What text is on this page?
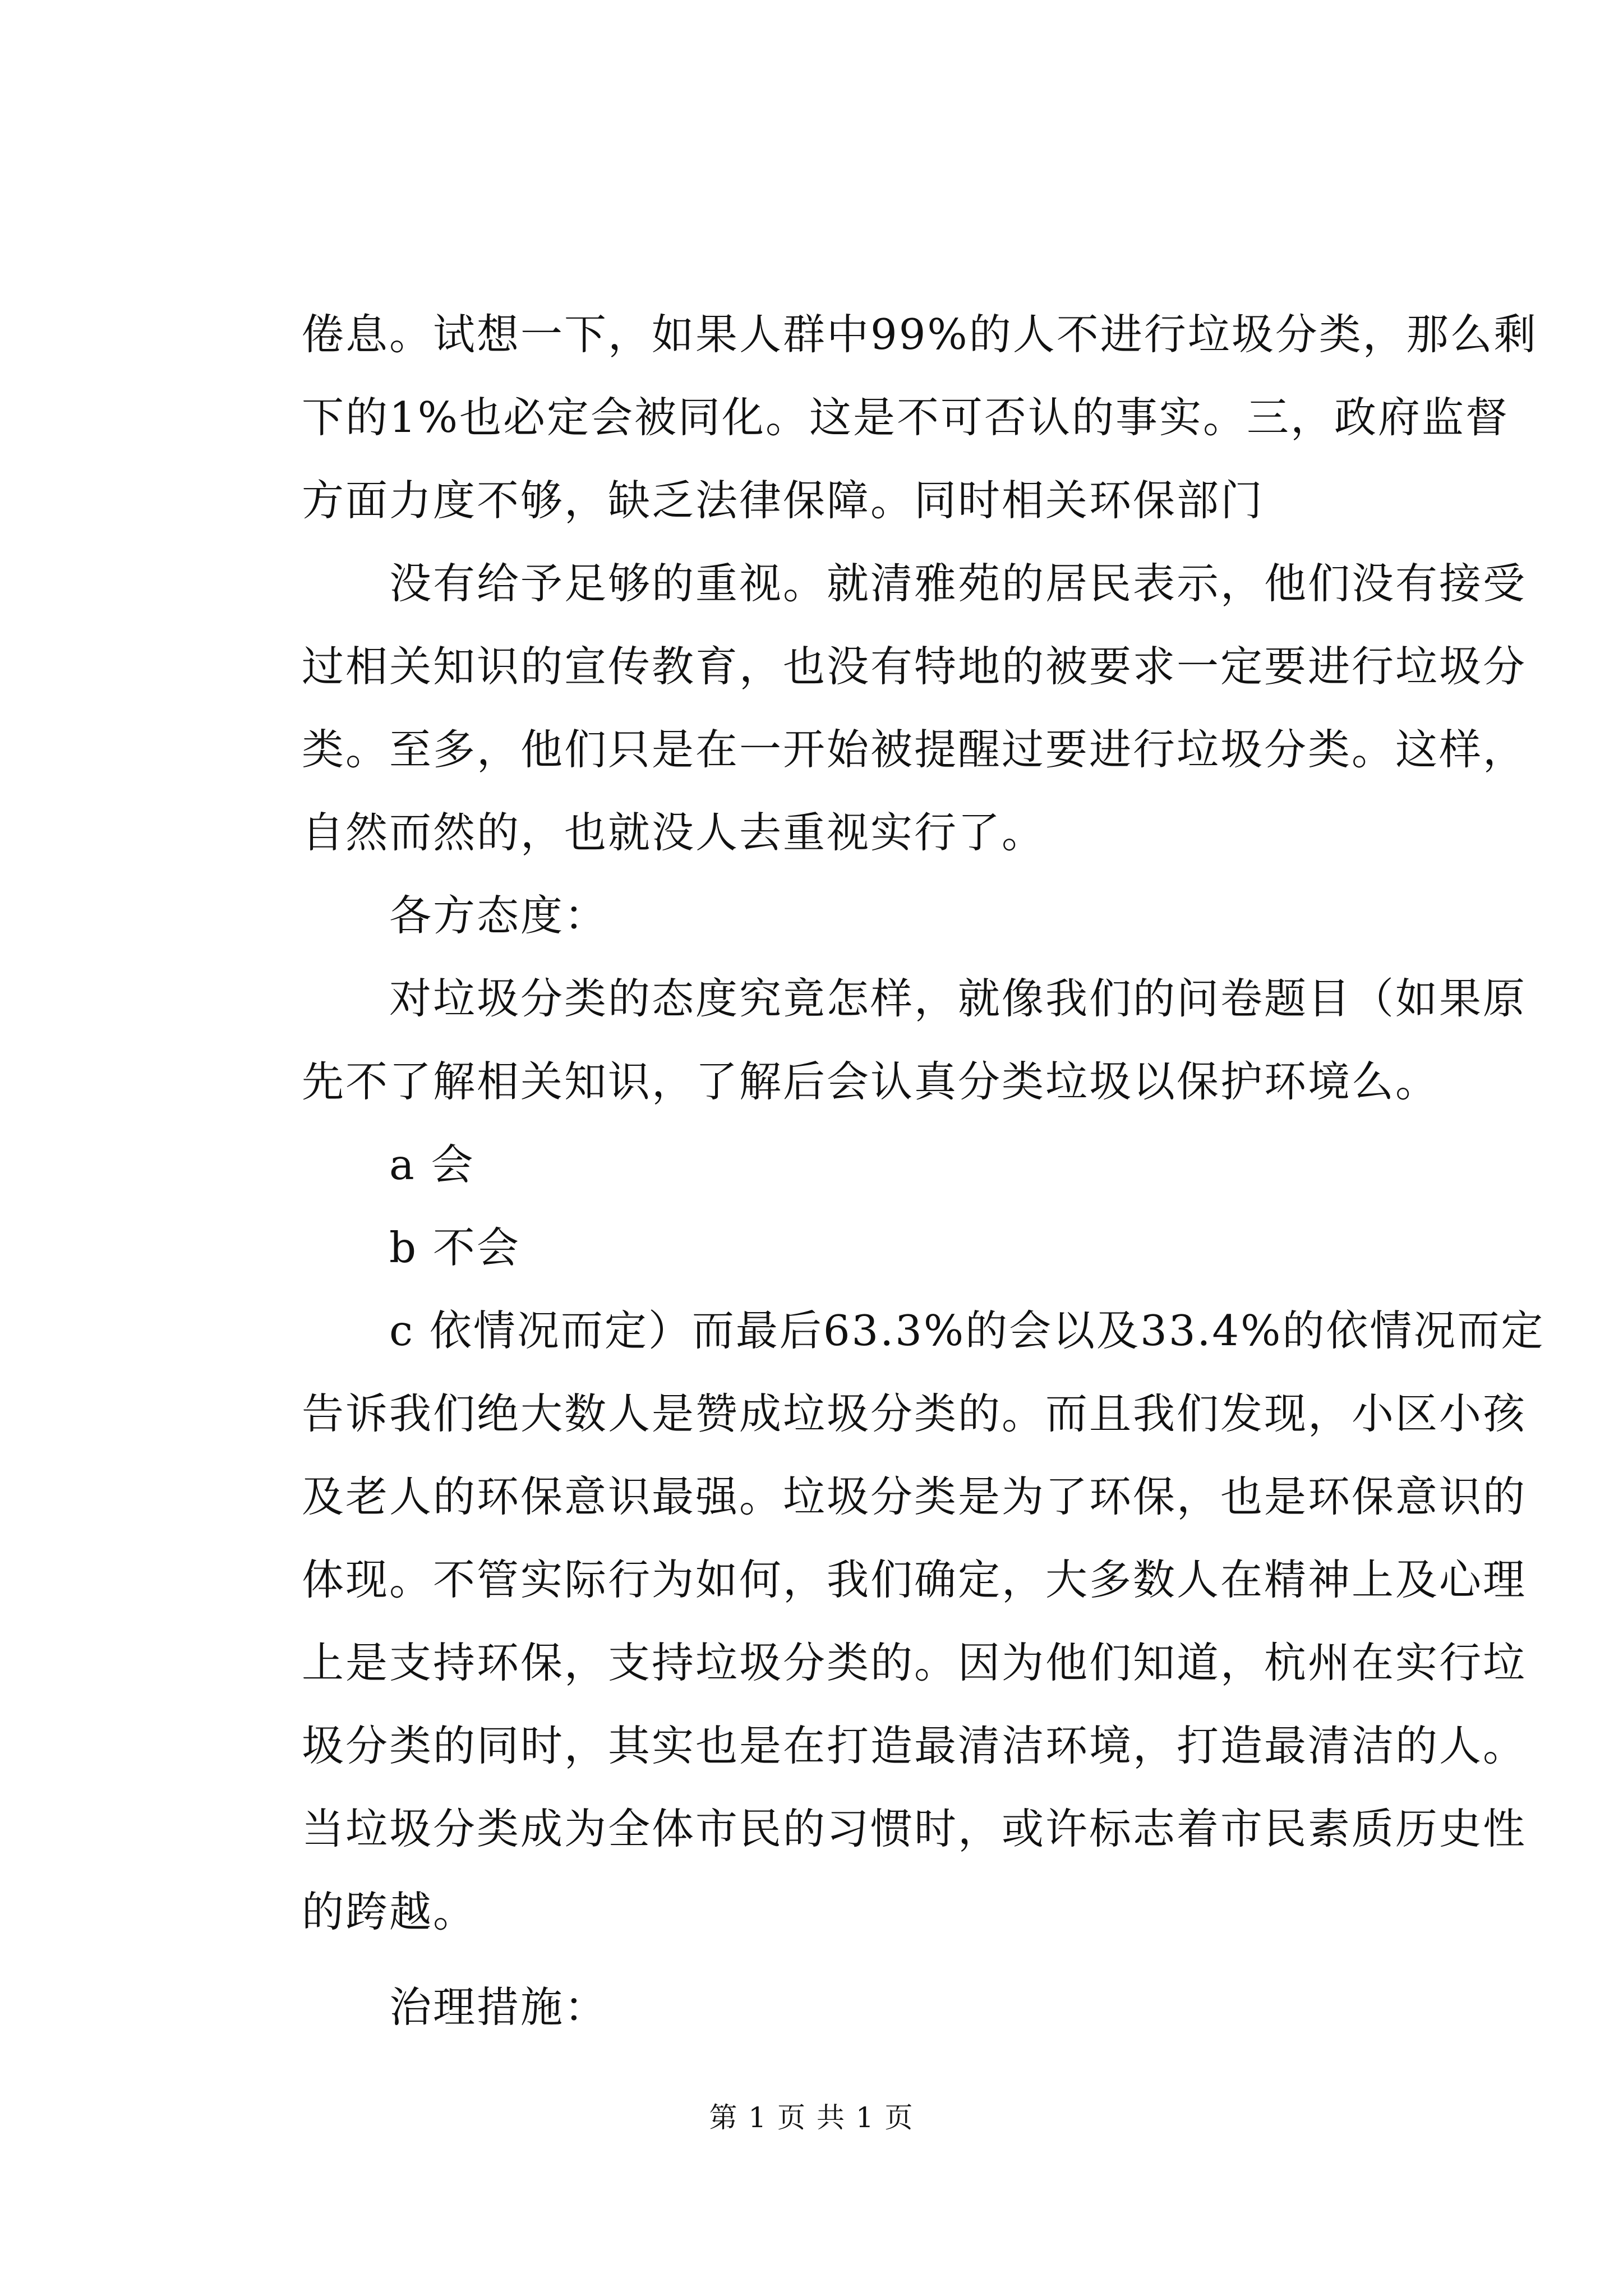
倦息。试想一下，如果人群中99%的人不进行垃圾分类，那么剩
下的1%也必定会被同化。这是不可否认的事实。三，政府监督
方面力度不够，缺乏法律保障。同时相关环保部门
没有给予足够的重视。就清雅苑的居民表示，他们没有接受
过相关知识的宣传教育，也没有特地的被要求一定要进行垃圾分
类。至多，他们只是在一开始被提醒过要进行垃圾分类。这样，
自然而然的，也就没人去重视实行了。
各方态度：
对垃圾分类的态度究竟怎样，就像我们的问卷题目（如果原
先不了解相关知识，了解后会认真分类垃圾以保护环境么。
a 会
b 不会
c 依情况而定）而最后63.3%的会以及33.4%的依情况而定
告诉我们绝大数人是赞成垃圾分类的。而且我们发现，小区小孩
及老人的环保意识最强。垃圾分类是为了环保，也是环保意识的
体现。不管实际行为如何，我们确定，大多数人在精神上及心理
上是支持环保，支持垃圾分类的。因为他们知道，杭州在实行垃
圾分类的同时，其实也是在打造最清洁环境，打造最清洁的人。
当垃圾分类成为全体市民的习惯时，或许标志着市民素质历史性
的跨越。
治理措施：
第 1 页 共 1 页
